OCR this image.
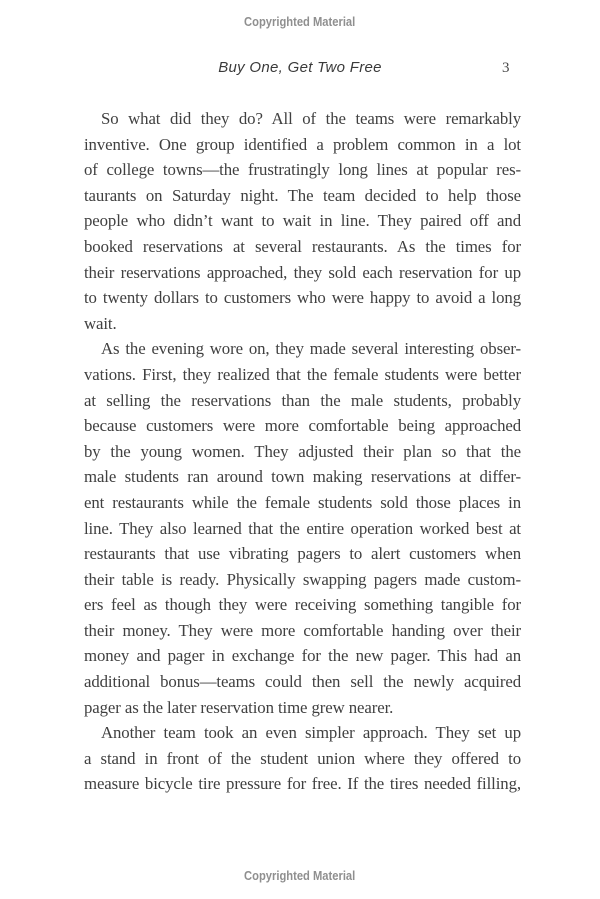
Copyrighted Material
Buy One, Get Two Free	3
So what did they do? All of the teams were remarkably
inventive. One group identified a problem common in a lot
of college towns—the frustratingly long lines at popular res-
taurants on Saturday night. The team decided to help those
people who didn’t want to wait in line. They paired off and
booked reservations at several restaurants. As the times for
their reservations approached, they sold each reservation for up
to twenty dollars to customers who were happy to avoid a long
wait.
As the evening wore on, they made several interesting obser-
vations. First, they realized that the female students were better
at selling the reservations than the male students, probably
because customers were more comfortable being approached
by the young women. They adjusted their plan so that the
male students ran around town making reservations at differ-
ent restaurants while the female students sold those places in
line. They also learned that the entire operation worked best at
restaurants that use vibrating pagers to alert customers when
their table is ready. Physically swapping pagers made custom-
ers feel as though they were receiving something tangible for
their money. They were more comfortable handing over their
money and pager in exchange for the new pager. This had an
additional bonus—teams could then sell the newly acquired
pager as the later reservation time grew nearer.
Another team took an even simpler approach. They set up
a stand in front of the student union where they offered to
measure bicycle tire pressure for free. If the tires needed filling,
Copyrighted Material
